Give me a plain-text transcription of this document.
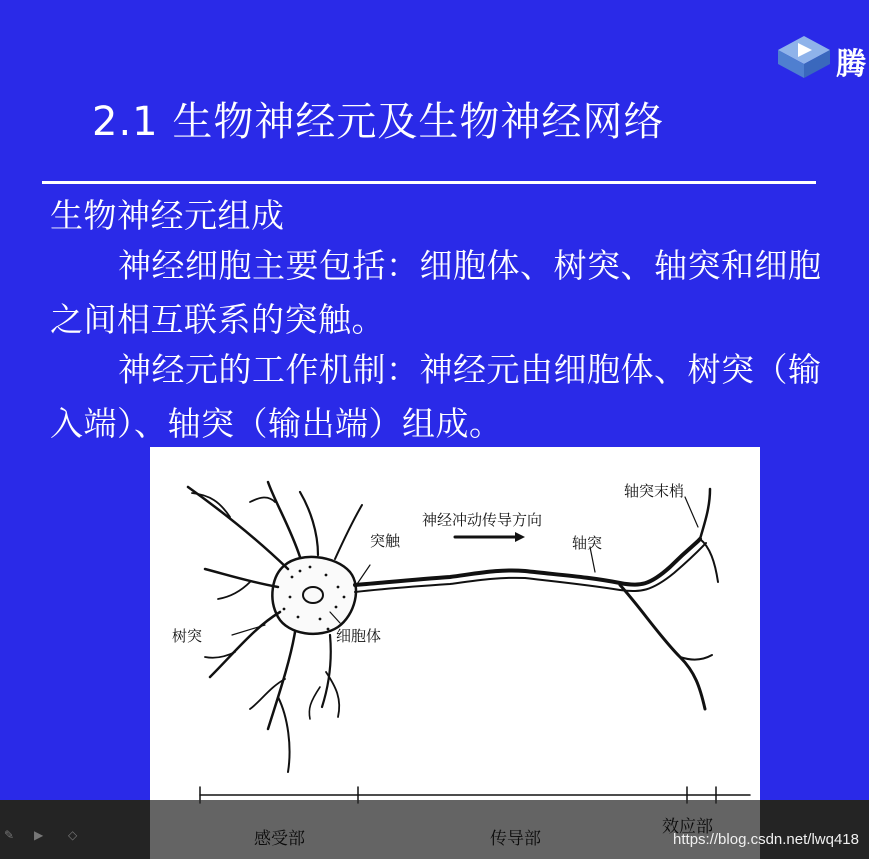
腾
2.1 生物神经元及生物神经网络
生物神经元组成
神经细胞主要包括：细胞体、树突、轴突和细胞
之间相互联系的突触。
神经元的工作机制：神经元由细胞体、树突（输
入端）、轴突（输出端）组成。
树突	细胞体
突触
神经冲动传导方向
轴突
轴突末梢
感受部	传导部
效应部
✎	▶	◇	https://blog.csdn.net/lwq418
